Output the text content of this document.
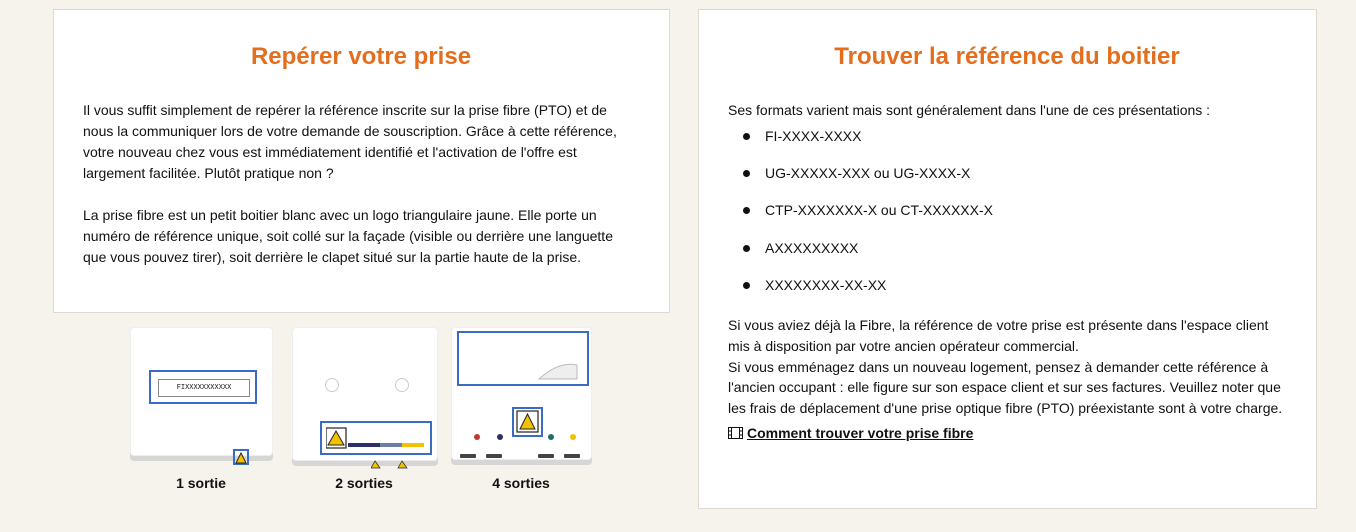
Repérer votre prise

Il vous suffit simplement de repérer la référence inscrite sur la prise fibre (PTO) et de nous la communiquer lors de votre demande de souscription. Grâce à cette référence, votre nouveau chez vous est immédiatement identifié et l'activation de l'offre est largement facilitée. Plutôt pratique non ?

La prise fibre est un petit boitier blanc avec un logo triangulaire jaune. Elle porte un numéro de référence unique, soit collé sur la façade (visible ou derrière une languette que vous pouvez tirer), soit derrière le clapet situé sur la partie haute de la prise.

FIXXXXXXXXXXX
1 sortie	2 sorties	4 sorties
Trouver la référence du boitier

Ses formats varient mais sont généralement dans l'une de ces présentations :

FI-XXXX-XXXX
UG-XXXXX-XXX ou UG-XXXX-X
CTP-XXXXXXX-X ou CT-XXXXXX-X
AXXXXXXXXX
XXXXXXXX-XX-XX
Si vous aviez déjà la Fibre, la référence de votre prise est présente dans l'espace client mis à disposition par votre ancien opérateur commercial.
Si vous emménagez dans un nouveau logement, pensez à demander cette référence à l'ancien occupant : elle figure sur son espace client et sur ses factures. Veuillez noter que les frais de déplacement d'une prise optique fibre (PTO) préexistante sont à votre charge.
Comment trouver votre prise fibre
